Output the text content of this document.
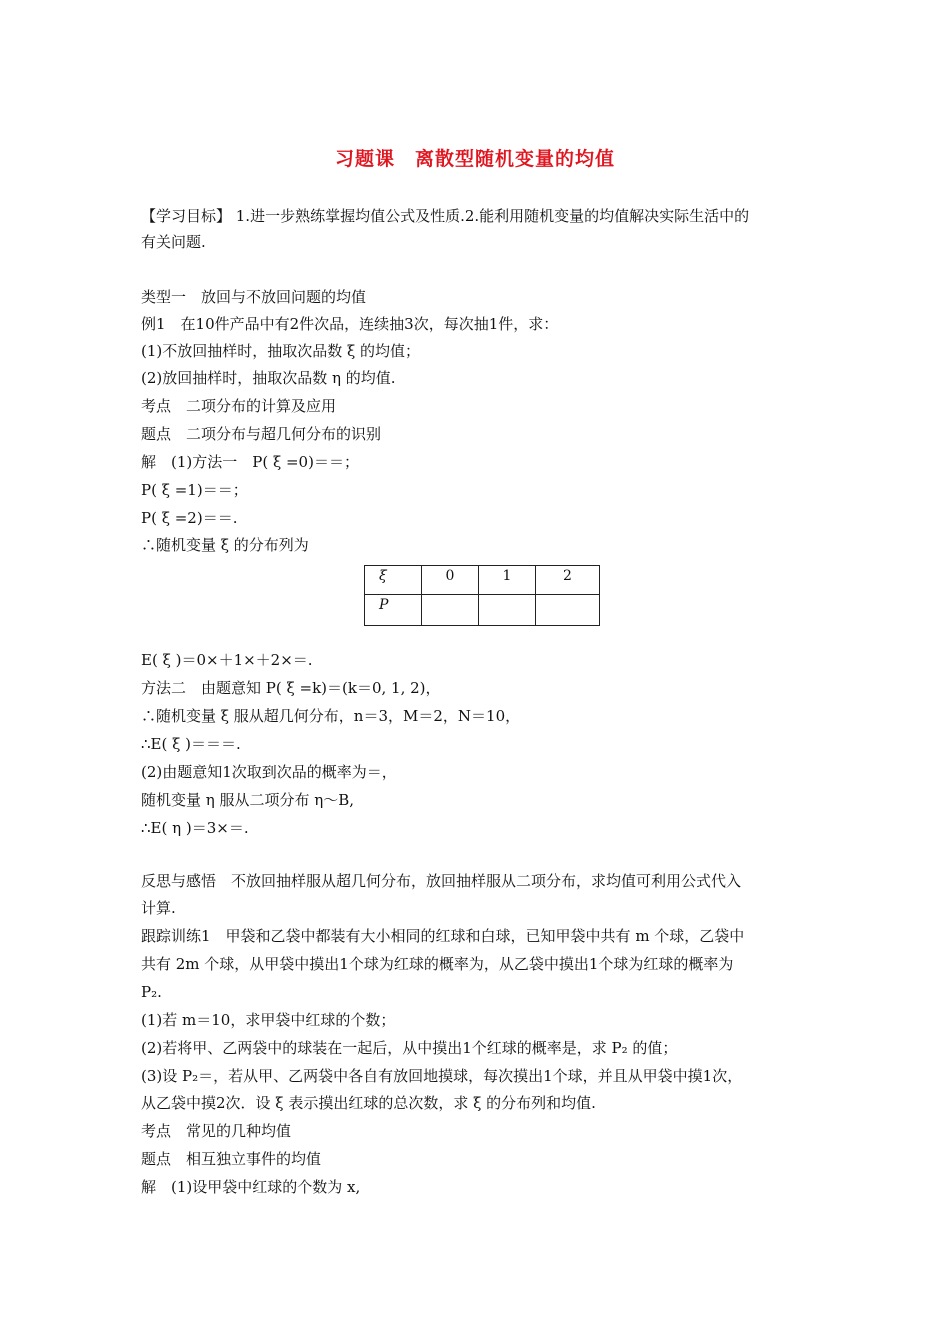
习题课　离散型随机变量的均值
【学习目标】 1.进一步熟练掌握均值公式及性质.2.能利用随机变量的均值解决实际生活中的
有关问题.
类型一　放回与不放回问题的均值
例1　在10件产品中有2件次品，连续抽3次，每次抽1件，求：
(1)不放回抽样时，抽取次品数 ξ 的均值；
(2)放回抽样时，抽取次品数 η 的均值.
考点　二项分布的计算及应用
题点　二项分布与超几何分布的识别
解　(1)方法一　P( ξ =0)＝＝；
P( ξ =1)＝＝；
P( ξ =2)＝＝.
∴随机变量 ξ 的分布列为
ξ	0	1	2
P			
E( ξ )＝0×＋1×＋2×＝.
方法二　由题意知 P( ξ =k)＝(k＝0, 1, 2)，
∴随机变量 ξ 服从超几何分布，n＝3，M＝2，N＝10，
∴E( ξ )＝＝＝.
(2)由题意知1次取到次品的概率为＝，
随机变量 η 服从二项分布 η～B,
∴E( η )＝3×＝.
反思与感悟　不放回抽样服从超几何分布，放回抽样服从二项分布，求均值可利用公式代入
计算.
跟踪训练1　甲袋和乙袋中都装有大小相同的红球和白球，已知甲袋中共有 m 个球，乙袋中
共有 2m 个球，从甲袋中摸出1个球为红球的概率为，从乙袋中摸出1个球为红球的概率为
P₂.
(1)若 m＝10，求甲袋中红球的个数；
(2)若将甲、乙两袋中的球装在一起后，从中摸出1个红球的概率是，求 P₂ 的值；
(3)设 P₂＝，若从甲、乙两袋中各自有放回地摸球，每次摸出1个球，并且从甲袋中摸1次，
从乙袋中摸2次．设 ξ 表示摸出红球的总次数，求 ξ 的分布列和均值.
考点　常见的几种均值
题点　相互独立事件的均值
解　(1)设甲袋中红球的个数为 x,
